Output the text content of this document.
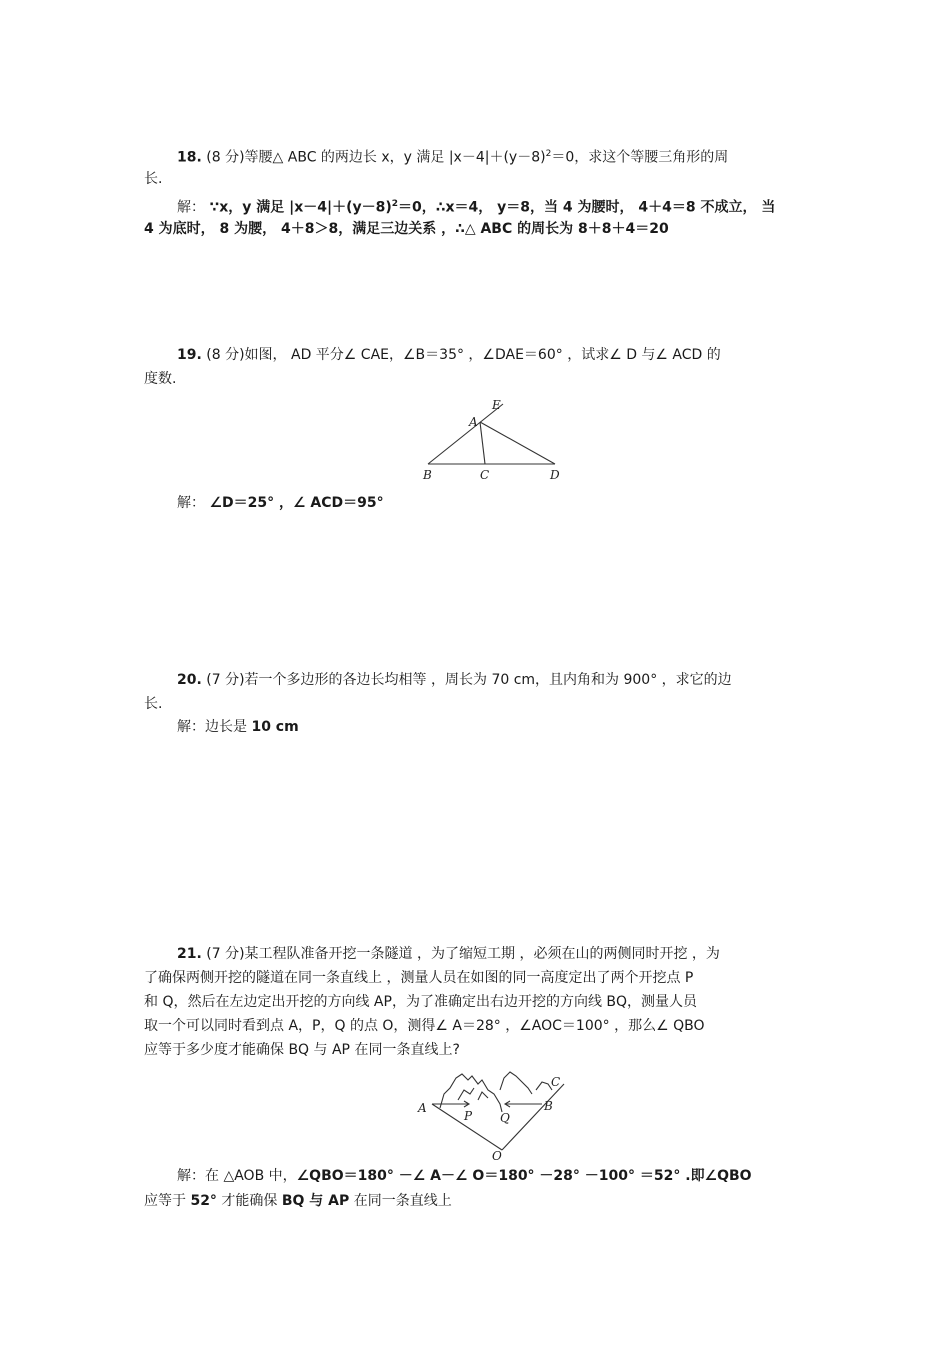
18. (8 分)等腰△ ABC 的两边长 x，y 满足 $|x-4|+(y-8)^2=0$，求这个等腰三角形的周
长.
解： ∵x，y 满足 $|x-4|+(y-8)^2=0$，∴x＝4， y＝8，当 4 为腰时， 4＋4＝8 不成立， 当
4 为底时， 8 为腰， 4＋8＞8，满足三边关系 ，∴△ ABC 的周长为 8＋8＋4＝20
19. (8 分)如图， AD 平分∠ CAE，∠B＝35° ，∠DAE＝60° ，试求∠ D 与∠ ACD 的
度数.
E
A
B	C	D
解： ∠D＝25° ，∠ ACD＝95°
20. (7 分)若一个多边形的各边长均相等 ，周长为 70 cm，且内角和为 900° ，求它的边
长.
解：边长是 10 cm
21. (7 分)某工程队准备开挖一条隧道 ，为了缩短工期 ，必须在山的两侧同时开挖 ，为
了确保两侧开挖的隧道在同一条直线上 ，测量人员在如图的同一高度定出了两个开挖点 P
和 Q，然后在左边定出开挖的方向线 AP，为了准确定出右边开挖的方向线 BQ，测量人员
取一个可以同时看到点 A，P，Q 的点 O，测得∠ A＝28° ，∠AOC＝100° ，那么∠ QBO
应等于多少度才能确保 BQ 与 AP 在同一条直线上?
C
A
P Q
B
O
解：在 △AOB 中，∠QBO＝180° －∠ A－∠ O＝180° －28° －100° ＝52° .即∠QBO
应等于 52° 才能确保 BQ 与 AP 在同一条直线上
